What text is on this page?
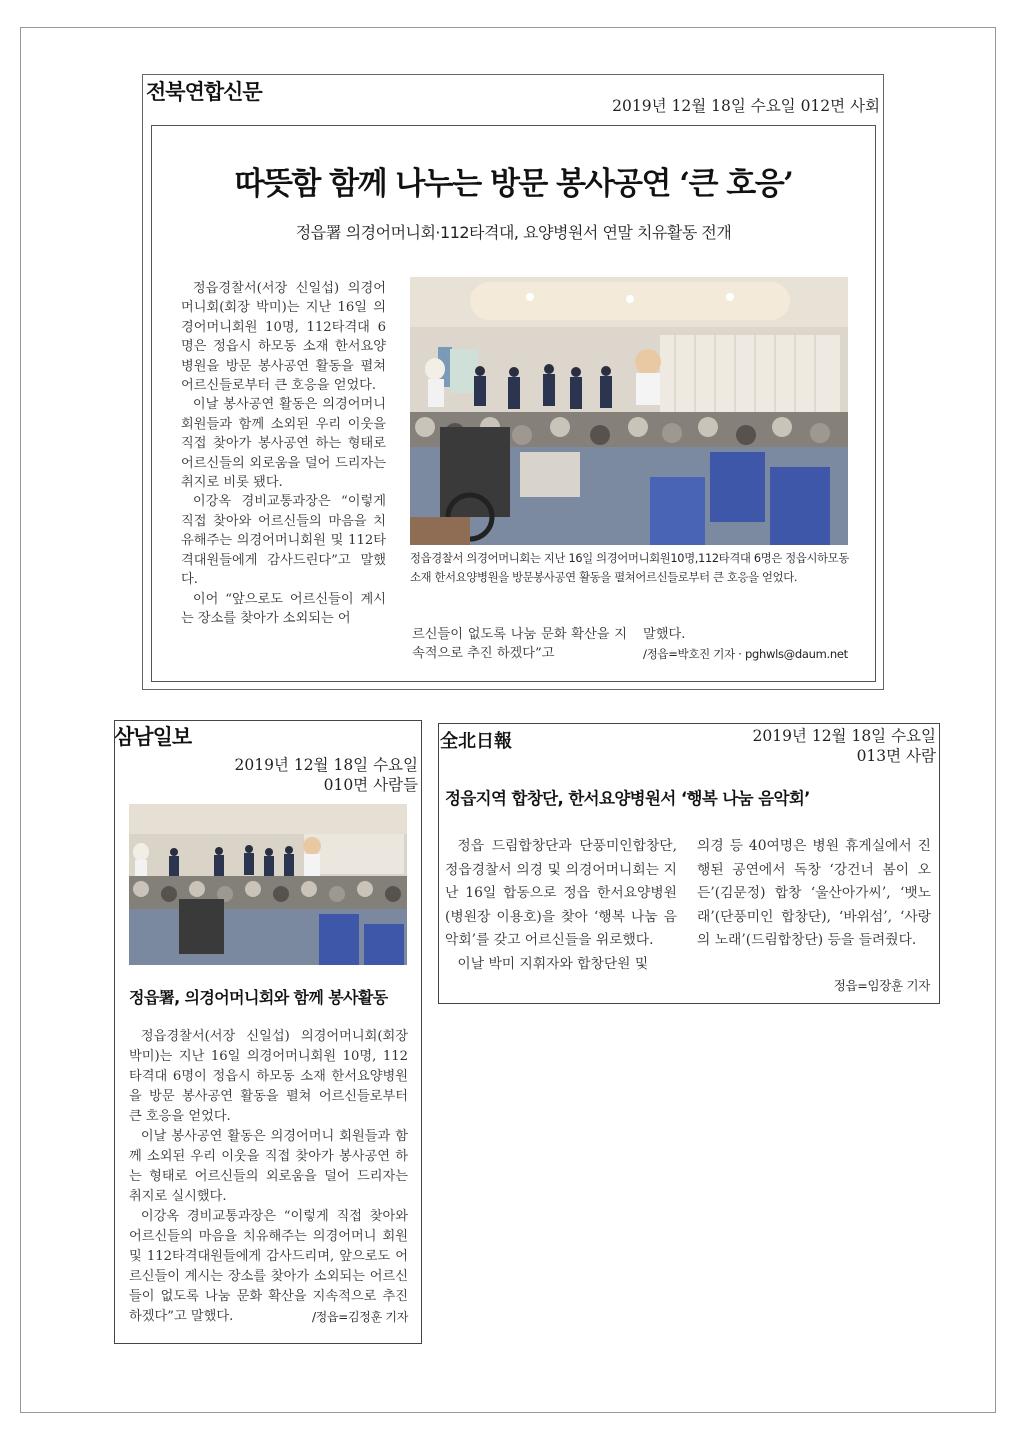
전북연합신문
2019년 12월 18일 수요일 012면 사회
따뜻함 함께 나누는 방문 봉사공연 ‘큰 호응’
정읍署 의경어머니회·112타격대, 요양병원서 연말 치유활동 전개

정읍경찰서(서장 신일섭) 의경어머니회(회장 박미)는 지난 16일 의경어머니회원 10명, 112타격대 6명은 정읍시 하모동 소재 한서요양병원을 방문 봉사공연 활동을 펼쳐 어르신들로부터 큰 호응을 얻었다.

이날 봉사공연 활동은 의경어머니 회원들과 함께 소외된 우리 이웃을 직접 찾아가 봉사공연 하는 형태로 어르신들의 외로움을 덜어 드리자는 취지로 비롯 됐다.

이강옥 경비교통과장은 “이렇게 직접 찾아와 어르신들의 마음을 치유해주는 의경어머니회원 및 112타격대원들에게 감사드린다”고 말했다.

이어 “앞으로도 어르신들이 계시는 장소를 찾아가 소외되는 어

정읍경찰서 의경어머니회는 지난 16일 의경어머니회원10명,112타격대 6명은 정읍시하모동 소재 한서요양병원을 방문봉사공연 활동을 펼쳐어르신들로부터 큰 호응을 얻었다.

르신들이 없도록 나눔 문화 확산을 지속적으로 추진 하겠다”고

말했다.

/정읍=박호진 기자 · pghwls@daum.net
삼남일보
2019년 12월 18일 수요일
010면 사람들
정읍署, 의경어머니회와 함께 봉사활동

정읍경찰서(서장 신일섭) 의경어머니회(회장 박미)는 지난 16일 의경어머니회원 10명, 112타격대 6명이 정읍시 하모동 소재 한서요양병원을 방문 봉사공연 활동을 펼쳐 어르신들로부터 큰 호응을 얻었다.

이날 봉사공연 활동은 의경어머니 회원들과 함께 소외된 우리 이웃을 직접 찾아가 봉사공연 하는 형태로 어르신들의 외로움을 덜어 드리자는 취지로 실시했다.

이강옥 경비교통과장은 “이렇게 직접 찾아와 어르신들의 마음을 치유해주는 의경어머니 회원 및 112타격대원들에게 감사드리며, 앞으로도 어르신들이 계시는 장소를 찾아가 소외되는 어르신들이 없도록 나눔 문화 확산을 지속적으로 추진하겠다”고 말했다.	/정읍=김정훈 기자
全北日報	2019년 12월 18일 수요일
013면 사람
정읍지역 합창단, 한서요양병원서 ‘행복 나눔 음악회’

정읍 드림합창단과 단풍미인합창단, 정읍경찰서 의경 및 의경어머니회는 지난 16일 합동으로 정읍 한서요양병원(병원장 이용호)을 찾아 ‘행복 나눔 음악회’를 갖고 어르신들을 위로했다.

이날 박미 지휘자와 합창단원 및

의경 등 40여명은 병원 휴게실에서 진행된 공연에서 독창 ‘강건너 봄이 오든’(김문정) 합창 ‘울산아가씨’, ‘뱃노래’(단풍미인 합창단), ‘바위섬’, ‘사랑의 노래’(드림합창단) 등을 들려줬다.

정읍=임장훈 기자
